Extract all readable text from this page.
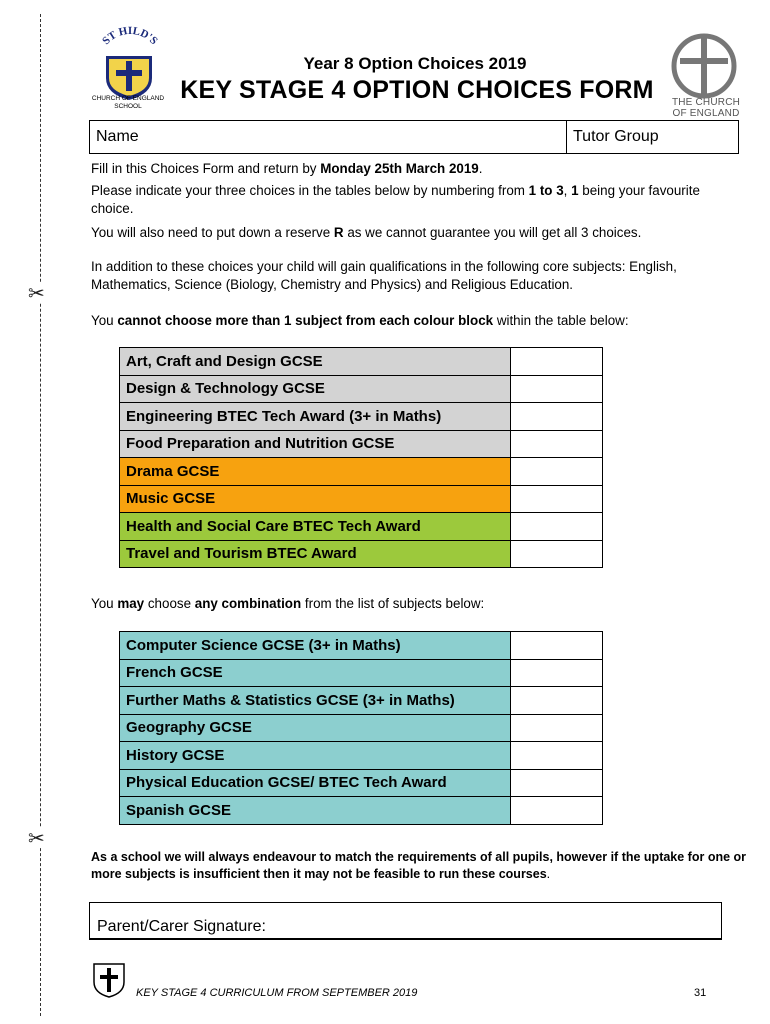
✂
✂
ST HILD'S
CHURCH OF ENGLAND SCHOOL	THE CHURCH
OF ENGLAND
Year 8 Option Choices 2019
KEY STAGE 4 OPTION CHOICES FORM
Name	Tutor Group
Fill in this Choices Form and return by Monday 25th March 2019.
Please indicate your three choices in the tables below by numbering from 1 to 3, 1 being your favourite choice.
You will also need to put down a reserve R as we cannot guarantee you will get all 3 choices.
In addition to these choices your child will gain qualifications in the following core subjects: English, Mathematics, Science (Biology, Chemistry and Physics) and Religious Education.
You cannot choose more than 1 subject from each colour block within the table below:
Art, Craft and Design GCSE	
Design & Technology GCSE	
Engineering BTEC Tech Award (3+ in Maths)	
Food Preparation and Nutrition GCSE	
Drama GCSE	
Music GCSE	
Health and Social Care BTEC Tech Award	
Travel and Tourism BTEC Award	
You may choose any combination from the list of subjects below:
Computer Science GCSE (3+ in Maths)	
French GCSE	
Further Maths & Statistics GCSE (3+ in Maths)	
Geography GCSE	
History GCSE	
Physical Education GCSE/ BTEC Tech Award	
Spanish GCSE	
As a school we will always endeavour to match the requirements of all pupils, however if the uptake for one or more subjects is insufficient then it may not be feasible to run these courses.
Parent/Carer Signature:
KEY STAGE 4 CURRICULUM FROM SEPTEMBER 2019	31
